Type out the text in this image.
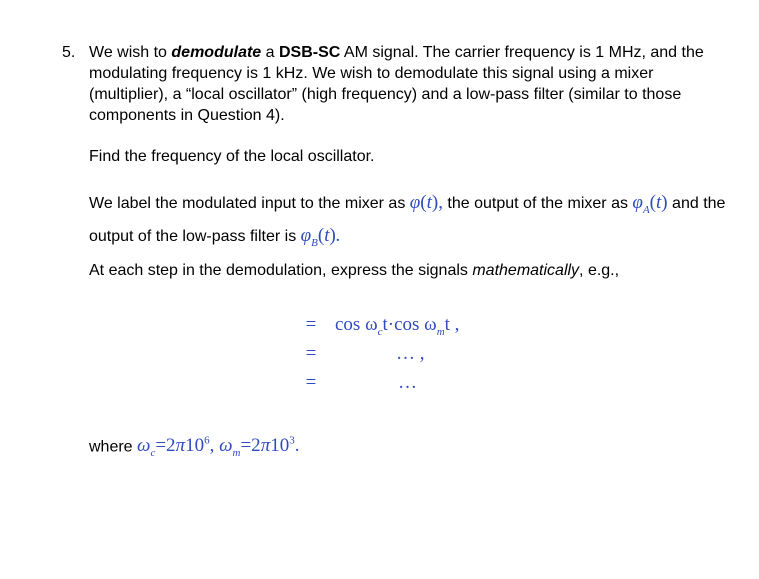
5. We wish to demodulate a DSB-SC AM signal. The carrier frequency is 1 MHz, and the modulating frequency is 1 kHz. We wish to demodulate this signal using a mixer (multiplier), a “local oscillator” (high frequency) and a low-pass filter (similar to those components in Question 4).

Find the frequency of the local oscillator.

We label the modulated input to the mixer as φ(t), the output of the mixer as $\varphi_A(t)$ and the output of the low-pass filter is $\varphi_B(t)$.

At each step in the demodulation, express the signals mathematically, e.g.,

= $\cos \omega_ct\cdot\cos$ $\omega_mt$ ,
=	… ,
=	…

where $\omega_c=2\pi 10^6$, $\omega_m=2\pi 10^3$.
